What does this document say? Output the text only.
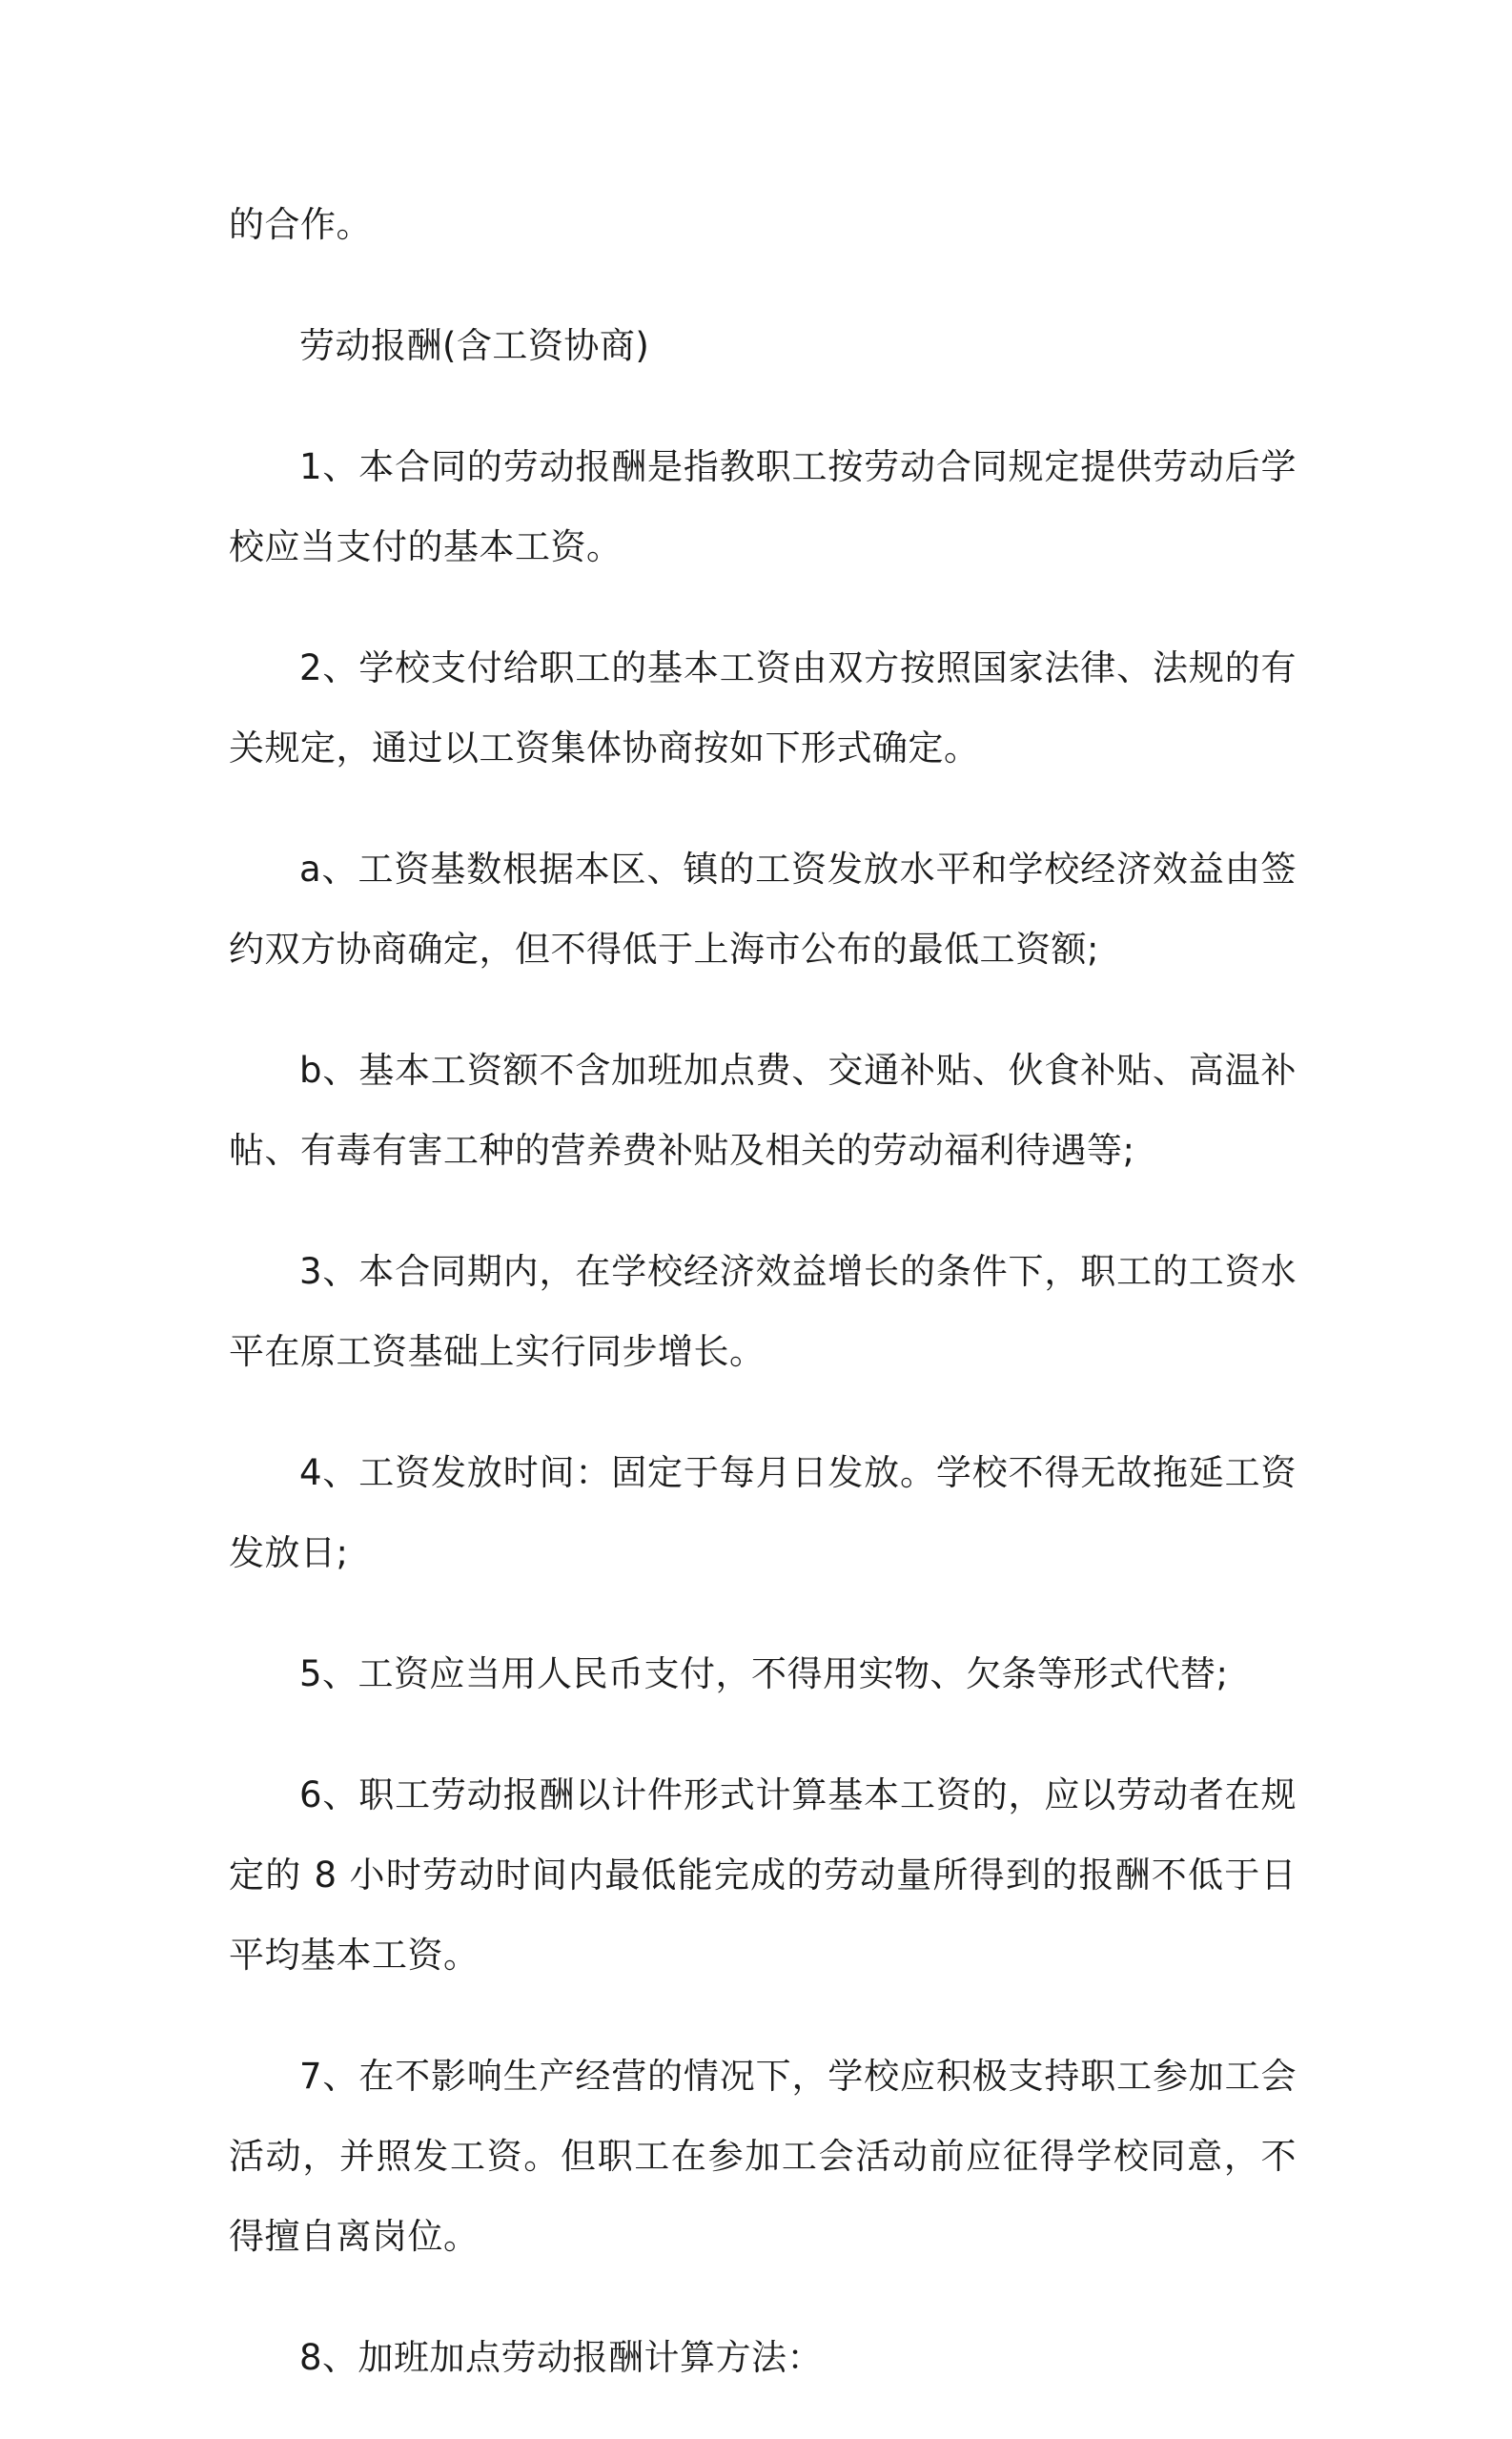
的合作。

劳动报酬(含工资协商)

1、本合同的劳动报酬是指教职工按劳动合同规定提供劳动后学校应当支付的基本工资。

2、学校支付给职工的基本工资由双方按照国家法律、法规的有关规定，通过以工资集体协商按如下形式确定。

a、工资基数根据本区、镇的工资发放水平和学校经济效益由签约双方协商确定，但不得低于上海市公布的最低工资额;

b、基本工资额不含加班加点费、交通补贴、伙食补贴、高温补帖、有毒有害工种的营养费补贴及相关的劳动福利待遇等;

3、本合同期内，在学校经济效益增长的条件下，职工的工资水平在原工资基础上实行同步增长。

4、工资发放时间：固定于每月日发放。学校不得无故拖延工资发放日;

5、工资应当用人民币支付，不得用实物、欠条等形式代替;

6、职工劳动报酬以计件形式计算基本工资的，应以劳动者在规定的 8 小时劳动时间内最低能完成的劳动量所得到的报酬不低于日平均基本工资。

7、在不影响生产经营的情况下，学校应积极支持职工参加工会活动，并照发工资。但职工在参加工会活动前应征得学校同意，不得擅自离岗位。

8、加班加点劳动报酬计算方法：
